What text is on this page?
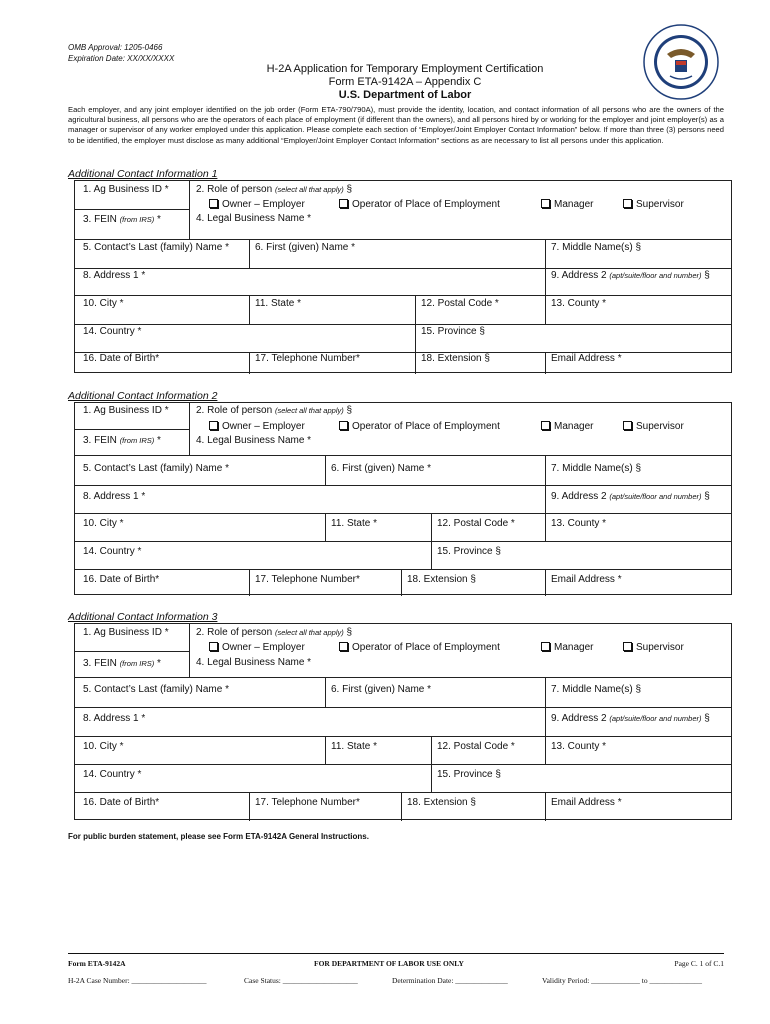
OMB Approval: 1205-0466
Expiration Date: XX/XX/XXXX
H-2A Application for Temporary Employment Certification
Form ETA-9142A – Appendix C
U.S. Department of Labor
Each employer, and any joint employer identified on the job order (Form ETA-790/790A), must provide the identity, location, and contact information of all persons who are the owners of the agricultural business, all persons who are the operators of each place of employment (if different than the owners), and all persons hired by or working for the employer and joint employer(s) as a manager or supervisor of any worker employed under this application. Please complete each section of “Employer/Joint Employer Contact Information” below. If more than three (3) persons need to be identified, the employer must disclose as many additional “Employer/Joint Employer Contact Information” sections as are necessary to list all persons under this application.
Additional Contact Information 1
1. Ag Business ID *	2. Role of person (select all that apply) §
Owner – Employer	Operator of Place of Employment	Manager	Supervisor
3. FEIN (from IRS) *	4. Legal Business Name *
5. Contact’s Last (family) Name *	6. First (given) Name *	7. Middle Name(s) §
8. Address 1 *	9. Address 2 (apt/suite/floor and number) §
10. City *	11. State *	12. Postal Code *	13. County *
14. Country *	15. Province §
16. Date of Birth*	17. Telephone Number*	18. Extension §	Email Address *
Additional Contact Information 2
1. Ag Business ID *	2. Role of person (select all that apply) §
Owner – Employer	Operator of Place of Employment	Manager	Supervisor
3. FEIN (from IRS) *	4. Legal Business Name *
5. Contact’s Last (family) Name *	6. First (given) Name *	7. Middle Name(s) §
8. Address 1 *	9. Address 2 (apt/suite/floor and number) §
10. City *	11. State *	12. Postal Code *	13. County *
14. Country *	15. Province §
16. Date of Birth*	17. Telephone Number*	18. Extension §	Email Address *
Additional Contact Information 3
1. Ag Business ID *	2. Role of person (select all that apply) §
Owner – Employer	Operator of Place of Employment	Manager	Supervisor
3. FEIN (from IRS) *	4. Legal Business Name *
5. Contact’s Last (family) Name *	6. First (given) Name *	7. Middle Name(s) §
8. Address 1 *	9. Address 2 (apt/suite/floor and number) §
10. City *	11. State *	12. Postal Code *	13. County *
14. Country *	15. Province §
16. Date of Birth*	17. Telephone Number*	18. Extension §	Email Address *
For public burden statement, please see Form ETA-9142A General Instructions.
Form ETA-9142A	FOR DEPARTMENT OF LABOR USE ONLY	Page C. 1 of C.1
H-2A Case Number: ____________________	Case Status: ____________________	Determination Date: ______________	Validity Period: _____________ to ______________
